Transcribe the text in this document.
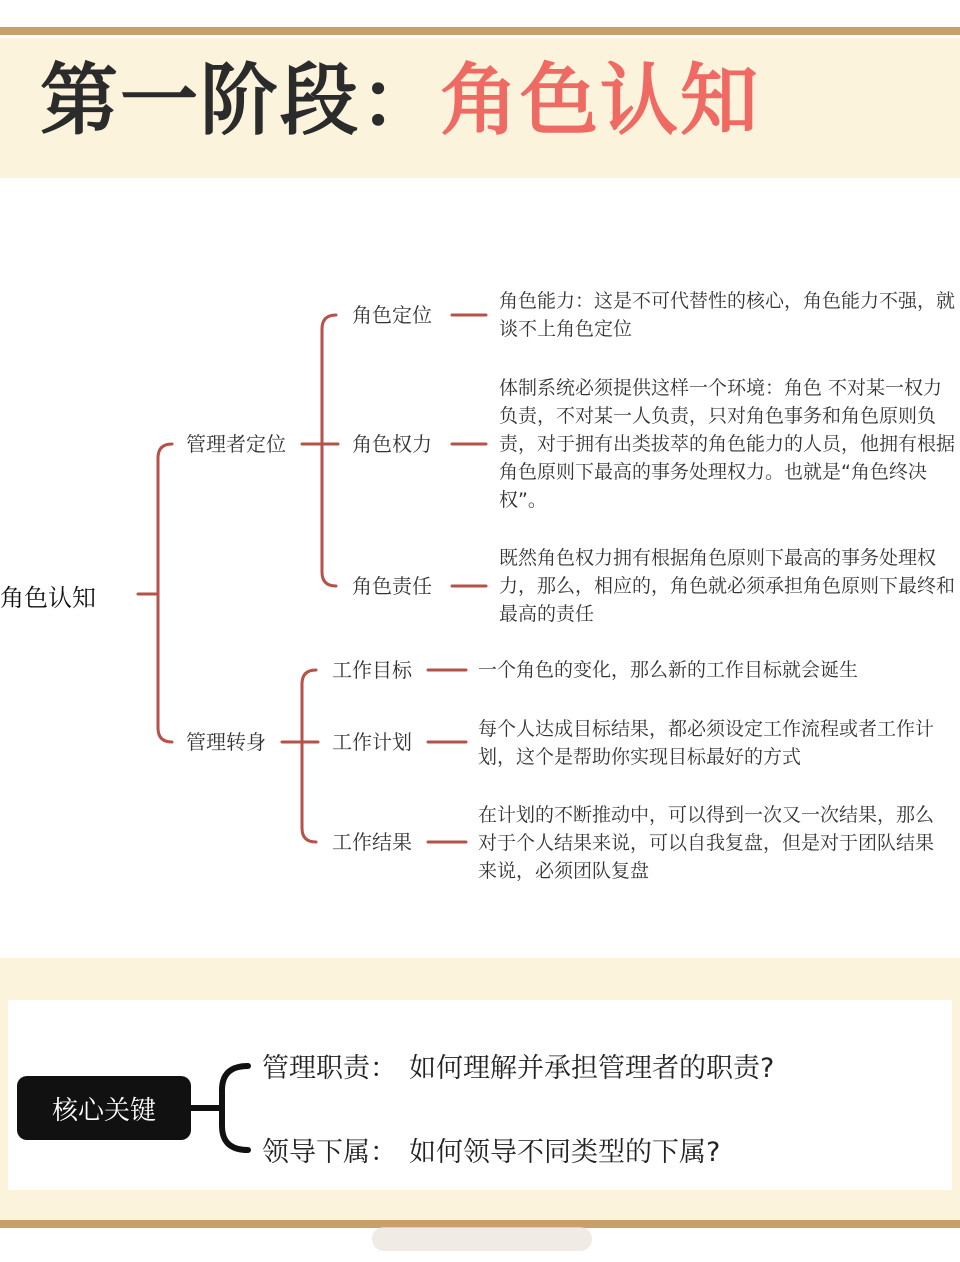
第一阶段：角色认知
角色认知
管理者定位
角色定位
角色能力：这是不可代替性的核心，角色能力不强，就谈不上角色定位
角色权力
体制系统必须提供这样一个环境：角色 不对某一权力负责，不对某一人负责，只对角色事务和角色原则负责，对于拥有出类拔萃的角色能力的人员，他拥有根据角色原则下最高的事务处理权力。也就是“角色终决权”。
角色责任
既然角色权力拥有根据角色原则下最高的事务处理权力，那么，相应的，角色就必须承担角色原则下最终和最高的责任
管理转身
工作目标	一个角色的变化，那么新的工作目标就会诞生
工作计划
每个人达成目标结果，都必须设定工作流程或者工作计划，这个是帮助你实现目标最好的方式
工作结果
在计划的不断推动中，可以得到一次又一次结果，那么对于个人结果来说，可以自我复盘，但是对于团队结果来说，必须团队复盘
核心关键
管理职责： 如何理解并承担管理者的职责?
领导下属： 如何领导不同类型的下属?
